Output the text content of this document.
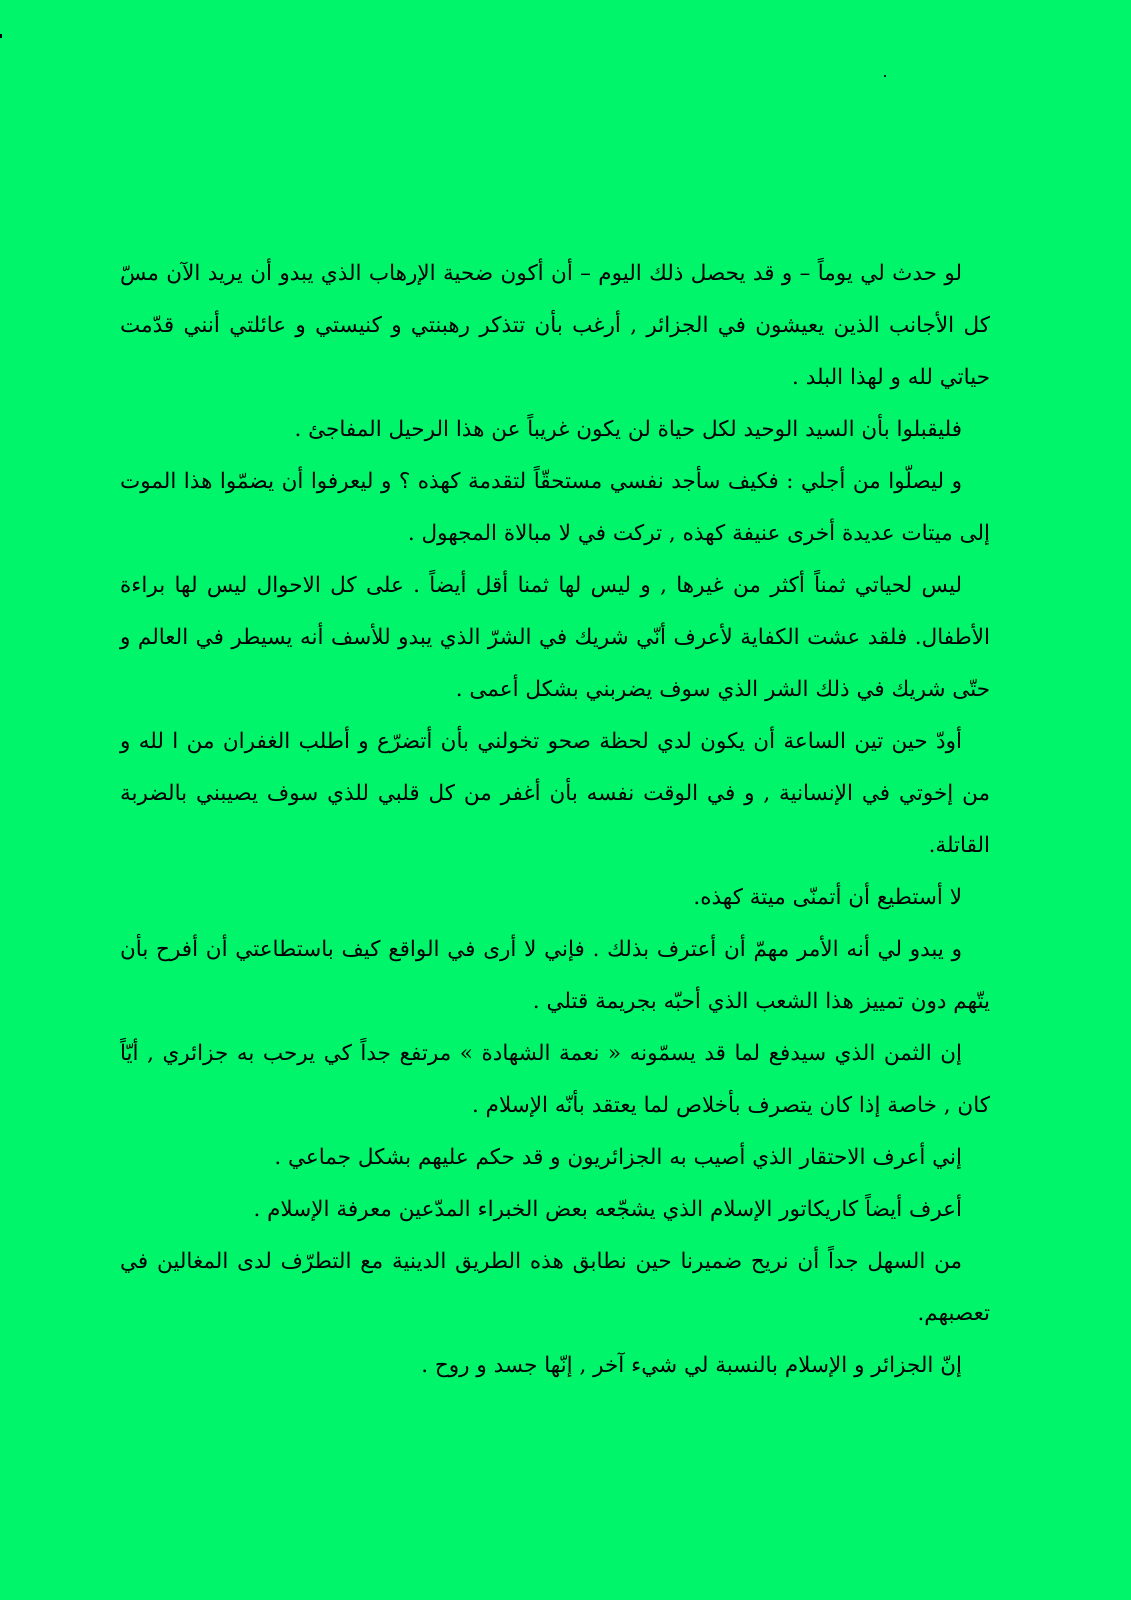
لو حدث لي يوماً – و قد يحصل ذلك اليوم – أن أكون ضحية الإرهاب الذي يبدو أن يريد الآن مسّ كل الأجانب الذين يعيشون في الجزائر , أرغب بأن تتذكر رهبنتي و كنيستي و عائلتي أنني قدّمت حياتي لله و لهذا البلد .

فليقبلوا بأن السيد الوحيد لكل حياة لن يكون غريباً عن هذا الرحيل المفاجئ .

و ليصلّوا من أجلي : فكيف سأجد نفسي مستحقّاً لتقدمة كهذه ؟ و ليعرفوا أن يضمّوا هذا الموت إلى ميتات عديدة أخرى عنيفة كهذه , تركت في لا مبالاة المجهول .

ليس لحياتي ثمناً أكثر من غيرها , و ليس لها ثمنا أقل أيضاً . على كل الاحوال ليس لها براءة الأطفال. فلقد عشت الكفاية لأعرف أنّي شريك في الشرّ الذي يبدو للأسف أنه يسيطر في العالم و حتّى شريك في ذلك الشر الذي سوف يضربني بشكل أعمى .

أودّ حين تين الساعة أن يكون لدي لحظة صحو تخولني بأن أتضرّع و أطلب الغفران من ا لله و من إخوتي في الإنسانية , و في الوقت نفسه بأن أغفر من كل قلبي للذي سوف يصيبني بالضربة القاتلة.

لا أستطيع أن أتمنّى ميتة كهذه.

و يبدو لي أنه الأمر مهمّ أن أعترف بذلك . فإني لا أرى في الواقع كيف باستطاعتي أن أفرح بأن يتّهم دون تمييز هذا الشعب الذي أحبّه بجريمة قتلي .

إن الثمن الذي سيدفع لما قد يسمّونه « نعمة الشهادة » مرتفع جداً كي يرحب به جزائري , أيّاً كان , خاصة إذا كان يتصرف بأخلاص لما يعتقد بأنّه الإسلام .

إني أعرف الاحتقار الذي أصيب به الجزائريون و قد حكم عليهم بشكل جماعي .

أعرف أيضاً كاريكاتور الإسلام الذي يشجّعه بعض الخبراء المدّعين معرفة الإسلام .

من السهل جداً أن نريح ضميرنا حين نطابق هذه الطريق الدينية مع التطرّف لدى المغالين في تعصبهم.

إنّ الجزائر و الإسلام بالنسبة لي شيء آخر , إنّها جسد و روح .
